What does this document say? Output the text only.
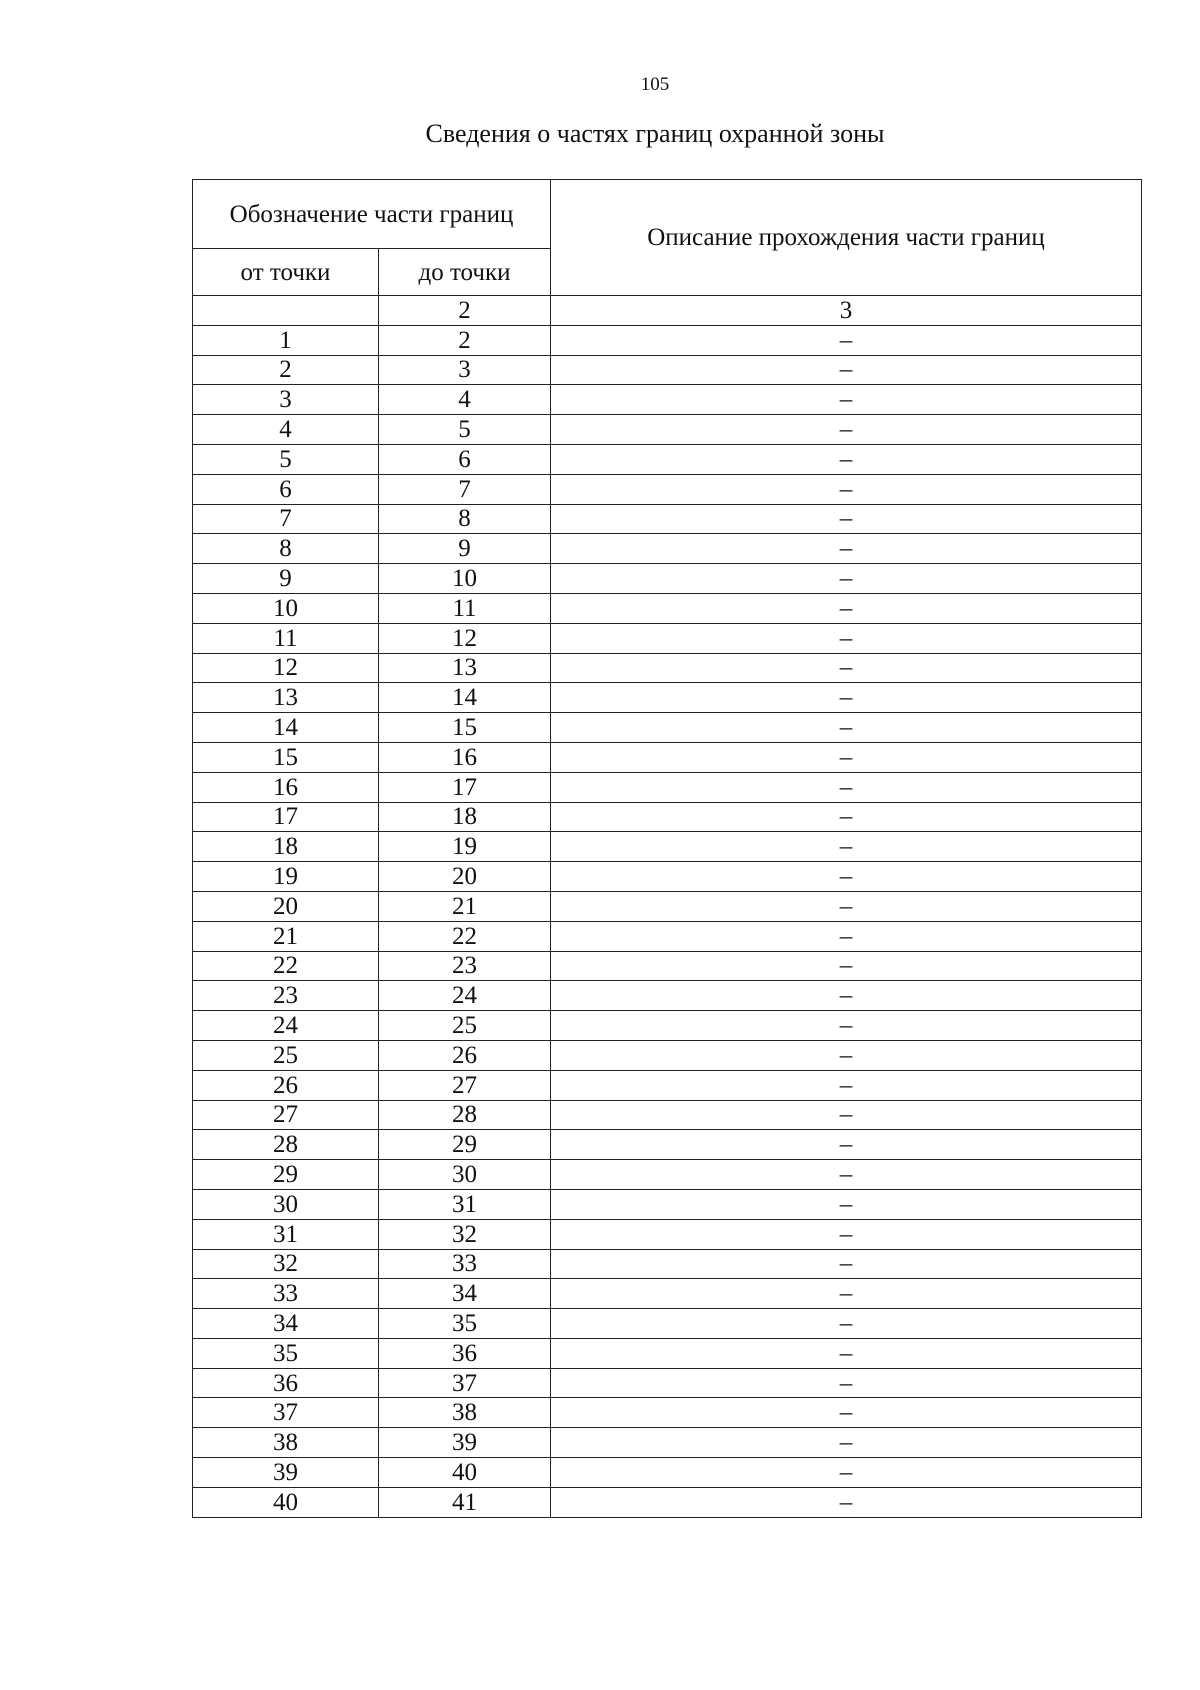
105
Сведения о частях границ охранной зоны
Обозначение части границ		Описание прохождения части границ
от точки	до точки	
	2	3
1	2	–
2	3	–
3	4	–
4	5	–
5	6	–
6	7	–
7	8	–
8	9	–
9	10	–
10	11	–
11	12	–
12	13	–
13	14	–
14	15	–
15	16	–
16	17	–
17	18	–
18	19	–
19	20	–
20	21	–
21	22	–
22	23	–
23	24	–
24	25	–
25	26	–
26	27	–
27	28	–
28	29	–
29	30	–
30	31	–
31	32	–
32	33	–
33	34	–
34	35	–
35	36	–
36	37	–
37	38	–
38	39	–
39	40	–
40	41	–
